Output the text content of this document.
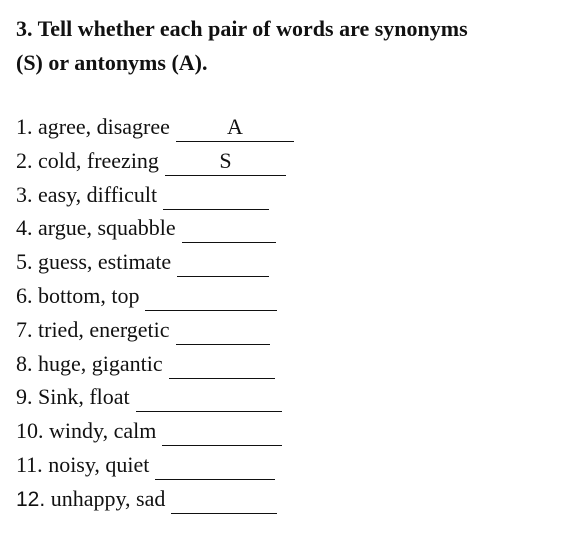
3. Tell whether each pair of words are synonyms
(S) or antonyms (A).
1.
agree, disagree	A
2.
cold, freezing	S
3.
easy, difficult
4.
argue, squabble
5.
guess, estimate
6.
bottom, top
7.
tried, energetic
8.
huge, gigantic
9.
Sink, float
10.
windy, calm
11.
noisy, quiet
12.
unhappy, sad
